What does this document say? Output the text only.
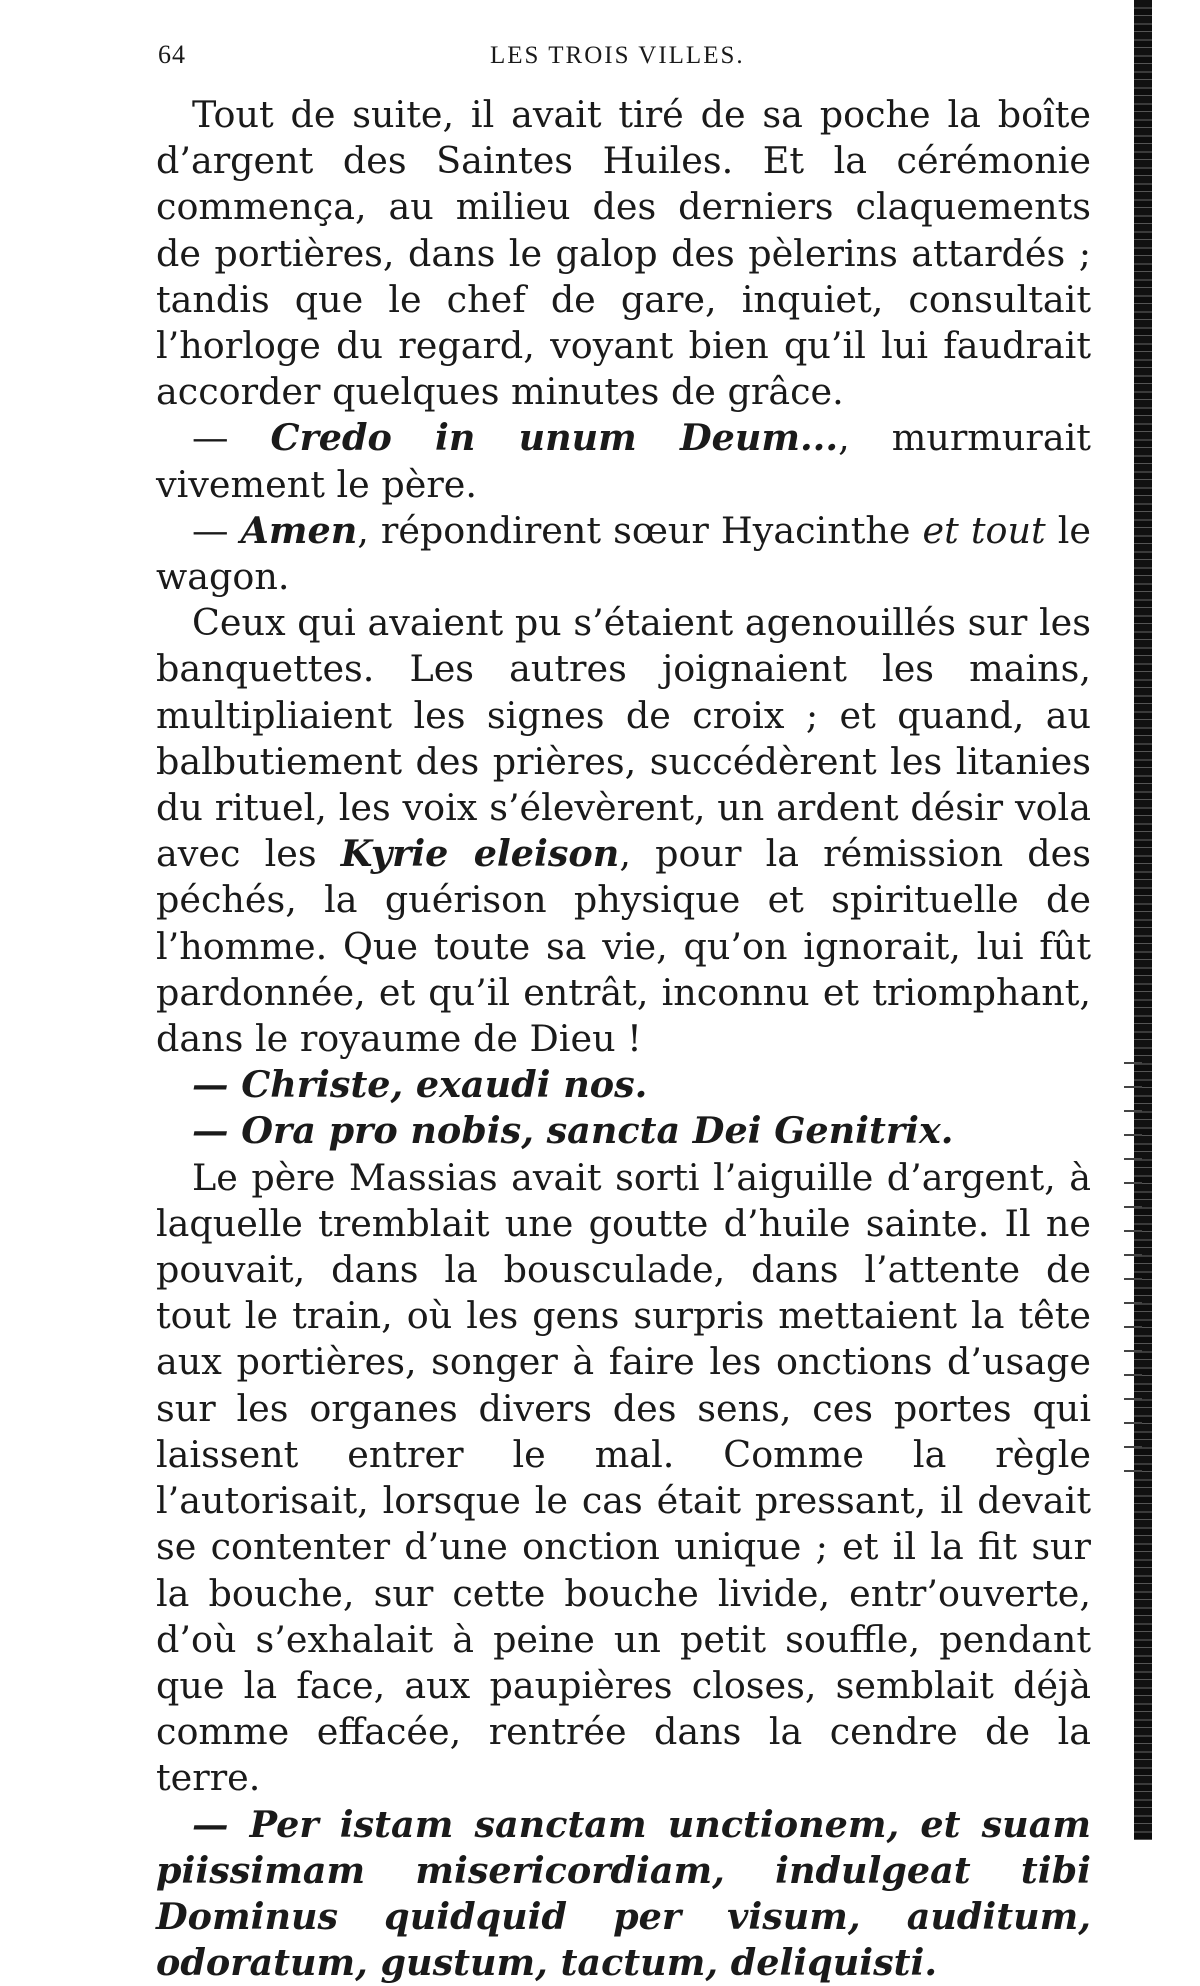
64	LES TROIS VILLES.

Tout de suite, il avait tiré de sa poche la boîte d’argent des Saintes Huiles. Et la cérémonie commença, au milieu des derniers claquements de portières, dans le galop des pèlerins attardés ; tandis que le chef de gare, inquiet, consultait l’horloge du regard, voyant bien qu’il lui faudrait accorder quelques minutes de grâce.

— Credo in unum Deum..., murmurait vivement le père.

— Amen, répondirent sœur Hyacinthe et tout le wagon.

Ceux qui avaient pu s’étaient agenouillés sur les banquettes. Les autres joignaient les mains, multipliaient les signes de croix ; et quand, au balbutiement des prières, succédèrent les litanies du rituel, les voix s’élevèrent, un ardent désir vola avec les Kyrie eleison, pour la rémission des péchés, la guérison physique et spirituelle de l’homme. Que toute sa vie, qu’on ignorait, lui fût pardonnée, et qu’il entrât, inconnu et triomphant, dans le royaume de Dieu !

— Christe, exaudi nos.

— Ora pro nobis, sancta Dei Genitrix.

Le père Massias avait sorti l’aiguille d’argent, à laquelle tremblait une goutte d’huile sainte. Il ne pouvait, dans la bousculade, dans l’attente de tout le train, où les gens surpris mettaient la tête aux portières, songer à faire les onctions d’usage sur les organes divers des sens, ces portes qui laissent entrer le mal. Comme la règle l’autorisait, lorsque le cas était pressant, il devait se contenter d’une onction unique ; et il la fit sur la bouche, sur cette bouche livide, entr’ouverte, d’où s’exhalait à peine un petit souffle, pendant que la face, aux paupières closes, semblait déjà comme effacée, rentrée dans la cendre de la terre.

— Per istam sanctam unctionem, et suam piissimam misericordiam, indulgeat tibi Dominus quidquid per visum, auditum, odoratum, gustum, tactum, deliquisti.
